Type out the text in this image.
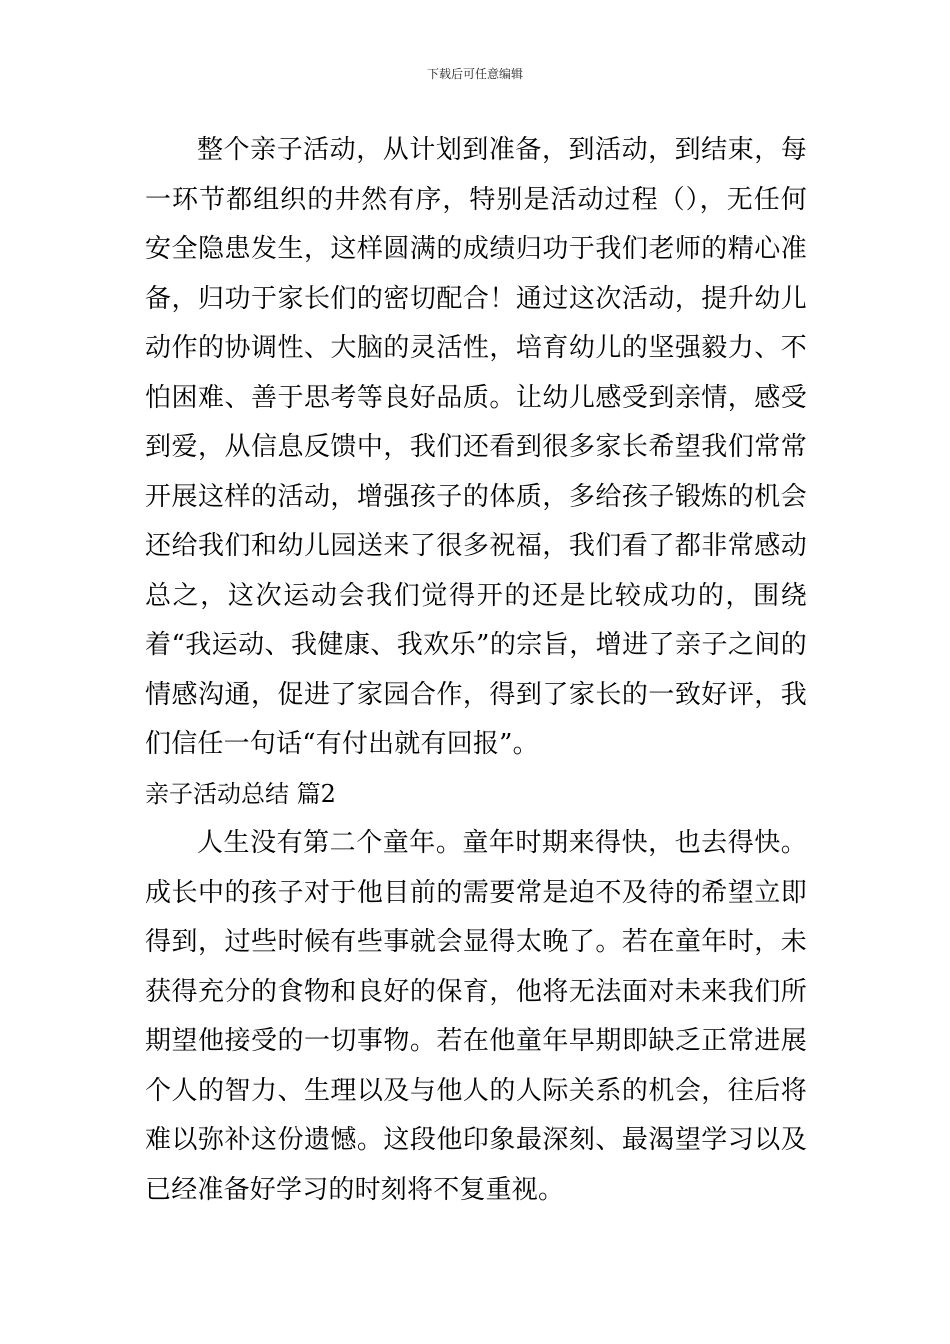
下载后可任意编辑

整个亲子活动，从计划到准备，到活动，到结束，每一环节都组织的井然有序，特别是活动过程（），无任何安全隐患发生，这样圆满的成绩归功于我们老师的精心准备，归功于家长们的密切配合！通过这次活动，提升幼儿动作的协调性、大脑的灵活性，培育幼儿的坚强毅力、不怕困难、善于思考等良好品质。让幼儿感受到亲情，感受到爱，从信息反馈中，我们还看到很多家长希望我们常常开展这样的活动，增强孩子的体质，多给孩子锻炼的机会还给我们和幼儿园送来了很多祝福，我们看了都非常感动总之，这次运动会我们觉得开的还是比较成功的，围绕着“我运动、我健康、我欢乐”的宗旨，增进了亲子之间的情感沟通，促进了家园合作，得到了家长的一致好评，我们信任一句话“有付出就有回报”。

亲子活动总结 篇2

人生没有第二个童年。童年时期来得快，也去得快。成长中的孩子对于他目前的需要常是迫不及待的希望立即得到，过些时候有些事就会显得太晚了。若在童年时，未获得充分的食物和良好的保育，他将无法面对未来我们所期望他接受的一切事物。若在他童年早期即缺乏正常进展个人的智力、生理以及与他人的人际关系的机会，往后将难以弥补这份遗憾。这段他印象最深刻、最渴望学习以及已经准备好学习的时刻将不复重视。
